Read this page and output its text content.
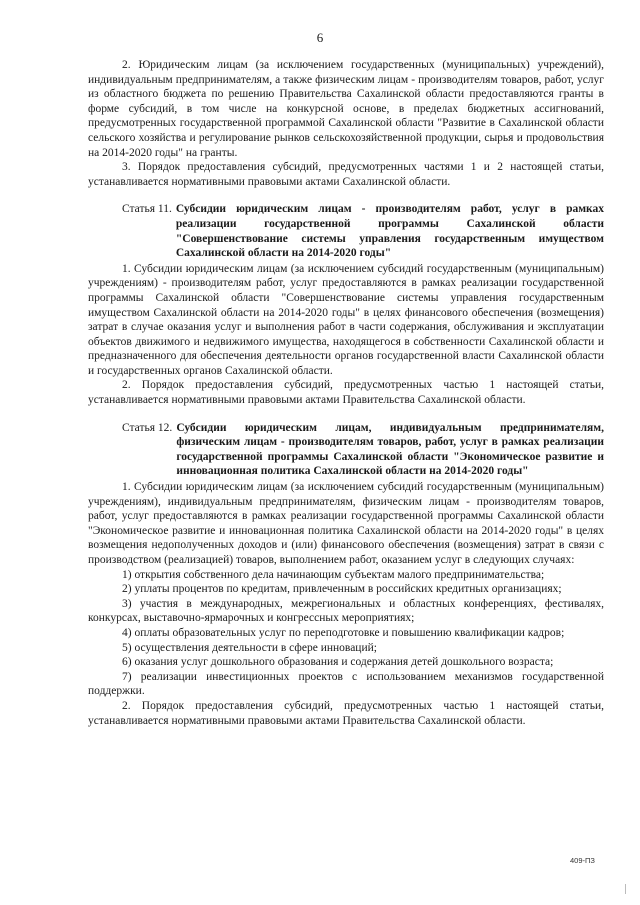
6

2. Юридическим лицам (за исключением государственных (муниципальных) учреждений), индивидуальным предпринимателям, а также физическим лицам - производителям товаров, работ, услуг из областного бюджета по решению Правительства Сахалинской области предоставляются гранты в форме субсидий, в том числе на конкурсной основе, в пределах бюджетных ассигнований, предусмотренных государственной программой Сахалинской области "Развитие в Сахалинской области сельского хозяйства и регулирование рынков сельскохозяйственной продукции, сырья и продовольствия на 2014-2020 годы" на гранты.

3. Порядок предоставления субсидий, предусмотренных частями 1 и 2 настоящей статьи, устанавливается нормативными правовыми актами Сахалинской области.

Статья 11. Субсидии юридическим лицам - производителям работ, услуг в рамках реализации государственной программы Сахалинской области "Совершенствование системы управления государственным имуществом Сахалинской области на 2014-2020 годы"

1. Субсидии юридическим лицам (за исключением субсидий государственным (муниципальным) учреждениям) - производителям работ, услуг предоставляются в рамках реализации государственной программы Сахалинской области "Совершенствование системы управления государственным имуществом Сахалинской области на 2014-2020 годы" в целях финансового обеспечения (возмещения) затрат в случае оказания услуг и выполнения работ в части содержания, обслуживания и эксплуатации объектов движимого и недвижимого имущества, находящегося в собственности Сахалинской области и предназначенного для обеспечения деятельности органов государственной власти Сахалинской области и государственных органов Сахалинской области.

2. Порядок предоставления субсидий, предусмотренных частью 1 настоящей статьи, устанавливается нормативными правовыми актами Правительства Сахалинской области.

Статья 12. Субсидии юридическим лицам, индивидуальным предпринимателям, физическим лицам - производителям товаров, работ, услуг в рамках реализации государственной программы Сахалинской области "Экономическое развитие и инновационная политика Сахалинской области на 2014-2020 годы"

1. Субсидии юридическим лицам (за исключением субсидий государственным (муниципальным) учреждениям), индивидуальным предпринимателям, физическим лицам - производителям товаров, работ, услуг предоставляются в рамках реализации государственной программы Сахалинской области "Экономическое развитие и инновационная политика Сахалинской области на 2014-2020 годы" в целях возмещения недополученных доходов и (или) финансового обеспечения (возмещения) затрат в связи с производством (реализацией) товаров, выполнением работ, оказанием услуг в следующих случаях:

1) открытия собственного дела начинающим субъектам малого предпринимательства;

2) уплаты процентов по кредитам, привлеченным в российских кредитных организациях;

3) участия в международных, межрегиональных и областных конференциях, фестивалях, конкурсах, выставочно-ярмарочных и конгрессных мероприятиях;

4) оплаты образовательных услуг по переподготовке и повышению квалификации кадров;

5) осуществления деятельности в сфере инноваций;

6) оказания услуг дошкольного образования и содержания детей дошкольного возраста;

7) реализации инвестиционных проектов с использованием механизмов государственной поддержки.

2. Порядок предоставления субсидий, предусмотренных частью 1 настоящей статьи, устанавливается нормативными правовыми актами Правительства Сахалинской области.

409-ПЗ
